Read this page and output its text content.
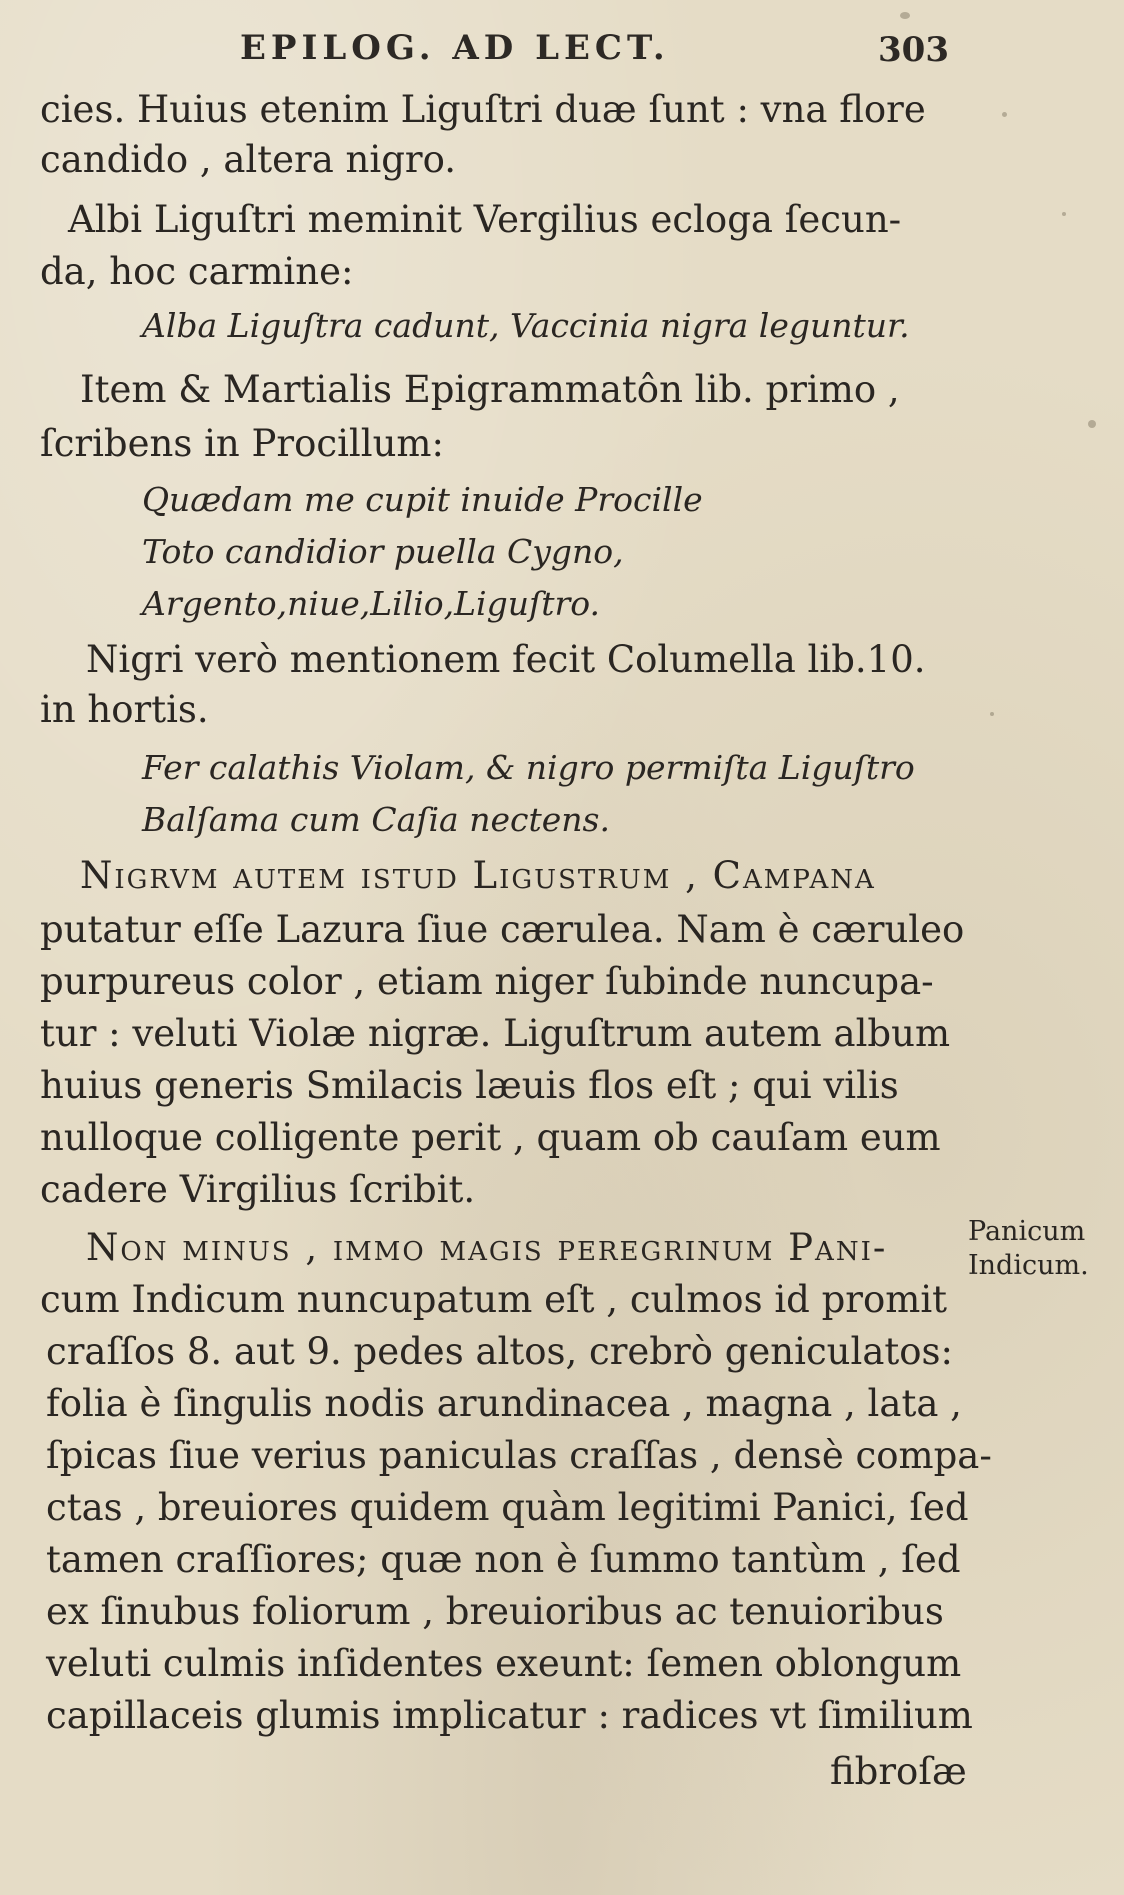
EPILOG. AD LECT.	303
cies. Huius etenim Liguſtri duæ ſunt : vna flore
candido , altera nigro.
Albi Liguſtri meminit Vergilius ecloga ſecun-
da, hoc carmine:
Alba Liguſtra cadunt, Vaccinia nigra leguntur.
Item & Martialis Epigrammatôn lib. primo ,
ſcribens in Procillum:
Quædam me cupit inuide Procille
Toto candidior puella Cygno,
Argento,niue,Lilio,Liguſtro.
Nigri verò mentionem fecit Columella lib.10.
in hortis.
Fer calathis Violam, & nigro permiſta Liguſtro
Balſama cum Caſia nectens.
Nigrvm autem iſtud Liguſtrum , Campana
putatur eſſe Lazura ſiue cærulea. Nam è cæruleo
purpureus color , etiam niger ſubinde nuncupa-
tur : veluti Violæ nigræ. Liguſtrum autem album
huius generis Smilacis læuis flos eſt ; qui vilis
nulloque colligente perit , quam ob cauſam eum
cadere Virgilius ſcribit.
Non minus , immo magis peregrinum Pani-
cum Indicum nuncupatum eſt , culmos id promit
craſſos 8. aut 9. pedes altos, crebrò geniculatos:
folia è ſingulis nodis arundinacea , magna , lata ,
ſpicas ſiue verius paniculas craſſas , densè compa-
ctas , breuiores quidem quàm legitimi Panici, ſed
tamen craſſiores; quæ non è ſummo tantùm , ſed
ex ſinubus foliorum , breuioribus ac tenuioribus
veluti culmis inſidentes exeunt: ſemen oblongum
capillaceis glumis implicatur : radices vt ſimilium
fibroſæ
Panicum
Indicum.
